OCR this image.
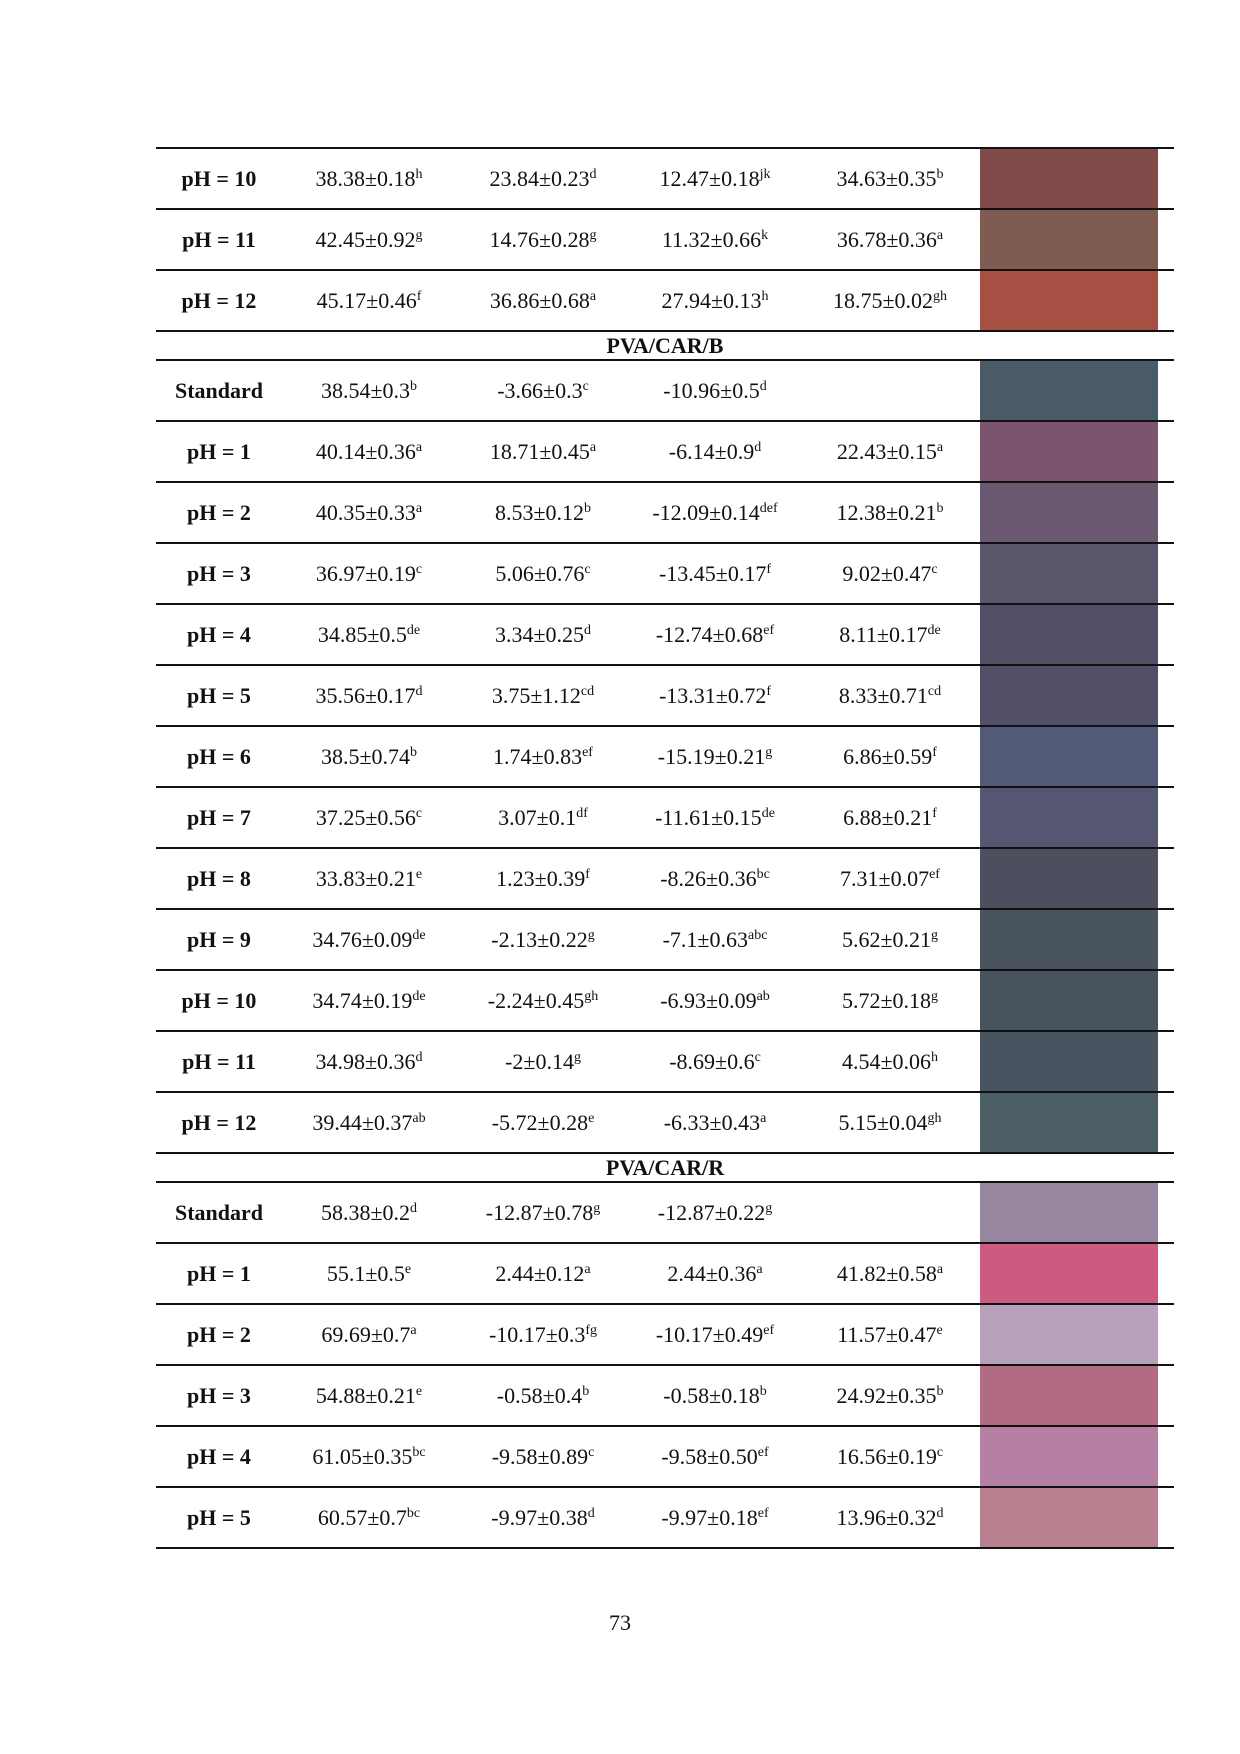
pH = 10	38.38±0.18$^h$	23.84±0.23$^d$	$12.47\pm 0.18^{jk}$	34.63±0.35$^b$	

pH = 11	42.45±0.92$^g$	14.76±0.28$^g$	$11.32\pm 0.66^k$	36.78±0.36$^a$	

pH = 12	45.17±0.46$^f$	36.86±0.68$^a$	27.94±0.13$^h$	18.75±0.02$^{gh}$	

PVA/CAR/B					
Standard	38.54±0.3$^b$	-3.66±0.3$^c$	-10.96±0.5$^d$		

pH = 1	40.14±0.36$^a$	18.71±0.45$^a$	-6.14±0.9$^d$	22.43±0.15$^a$	

pH = 2	40.35±0.33$^a$	8.53±0.12$^b$	-12.09±0.14$^{def}$	12.38±0.21$^b$	

pH = 3	36.97±0.19$^c$	5.06±0.76$^c$	-13.45±0.17$^f$	9.02±0.47$^c$	

pH = 4	34.85±0.5de	3.34±0.25$^d$	-12.74±0.68$^{ef}$	8.11±0.17de	

pH = 5	35.56±0.17$^d$	3.75±1.12$^{cd}$	-13.31±0.72$^f$	8.33±0.71$^{cd}$	

pH = 6	38.5±0.74$^b$	1.74±0.83$^{ef}$	-15.19±0.21$^g$	6.86±0.59$^f$	

pH = 7	37.25±0.56$^c$	3.07±0.1$^{df}$	-11.61±0.15de	6.88±0.21$^f$	

pH = 8	33.83±0.21$^e$	1.23±0.39$^f$	-8.26±0.36$^{bc}$	7.31±0.07$^{ef}$	

pH = 9	34.76±0.09de	-2.13±0.22$^g$	-7.1±0.63$^{abc}$	5.62±0.21$^g$	

pH = 10	34.74±0.19de	-2.24±0.45$^{gh}$	-6.93±0.09$^{ab}$	5.72±0.18$^g$	

pH = 11	34.98±0.36$^d$	-2±0.14$^g$	-8.69±0.6$^c$	4.54±0.06$^h$	

pH = 12	39.44±0.37$^{ab}$	-5.72±0.28$^e$	-6.33±0.43$^a$	5.15±0.04$^{gh}$	

PVA/CAR/R					
Standard	58.38±0.2$^d$	-12.87±0.78$^g$	-12.87±0.22$^g$		

pH = 1	55.1±0.5$^e$	2.44±0.12$^a$	2.44±0.36$^a$	41.82±0.58$^a$	

pH = 2	69.69±0.7$^a$	-10.17±0.3$^{fg}$	-10.17±0.49$^{ef}$	11.57±0.47$^e$	

pH = 3	54.88±0.21$^e$	-0.58±0.4$^b$	-0.58±0.18$^b$	24.92±0.35$^b$	

pH = 4	61.05±0.35$^{bc}$	-9.58±0.89$^c$	-9.58±0.50$^{ef}$	16.56±0.19$^c$	

pH = 5	60.57±0.7$^{bc}$	-9.97±0.38$^d$	-9.97±0.18$^{ef}$	13.96±0.32$^d$	
73
